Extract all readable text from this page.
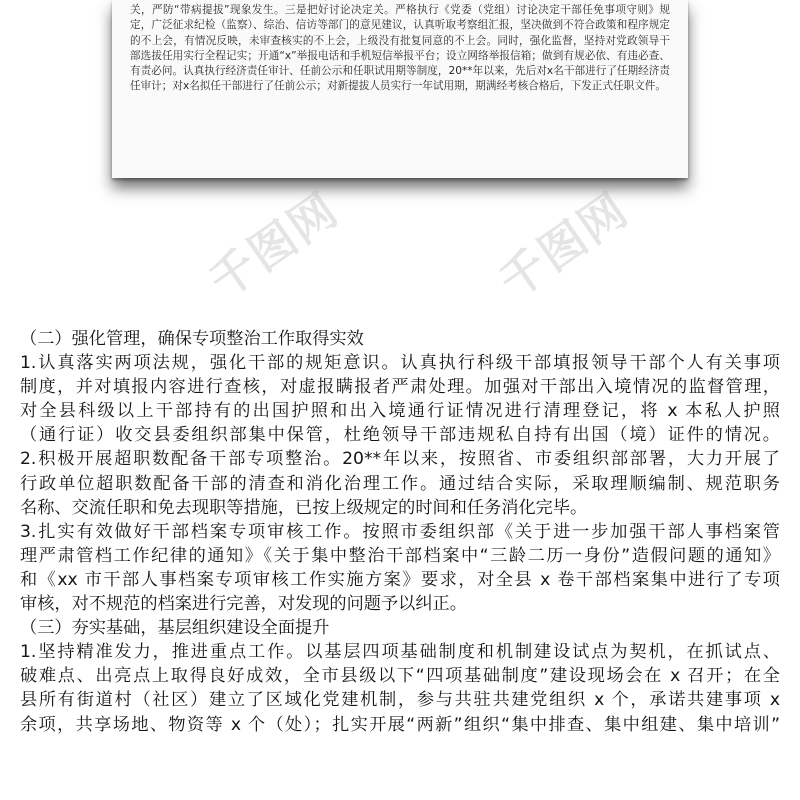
关，严防“带病提拔”现象发生。三是把好讨论决定关。严格执行《党委（党组）讨论决定干部任免事项守则》规定，广泛征求纪检（监察）、综治、信访等部门的意见建议，认真听取考察组汇报，坚决做到不符合政策和程序规定的不上会，有情况反映，未审查核实的不上会，上级没有批复同意的不上会。同时，强化监督，坚持对党政领导干部选拔任用实行全程记实；开通“x”举报电话和手机短信举报平台；设立网络举报信箱；做到有规必依、有违必查、有责必问。认真执行经济责任审计、任前公示和任职试用期等制度，20**年以来，先后对x名干部进行了任期经济责任审计；对x名拟任干部进行了任前公示；对新提拔人员实行一年试用期，期满经考核合格后，下发正式任职文件。
千图网	千图网
（二）强化管理，确保专项整治工作取得实效
1.认真落实两项法规，强化干部的规矩意识。认真执行科级干部填报领导干部个人有关事项
制度，并对填报内容进行查核，对虚报瞒报者严肃处理。加强对干部出入境情况的监督管理，
对全县科级以上干部持有的出国护照和出入境通行证情况进行清理登记，将 x 本私人护照
（通行证）收交县委组织部集中保管，杜绝领导干部违规私自持有出国（境）证件的情况。
2.积极开展超职数配备干部专项整治。20**年以来，按照省、市委组织部部署，大力开展了
行政单位超职数配备干部的清查和消化治理工作。通过结合实际，采取理顺编制、规范职务
名称、交流任职和免去现职等措施，已按上级规定的时间和任务消化完毕。
3.扎实有效做好干部档案专项审核工作。按照市委组织部《关于进一步加强干部人事档案管
理严肃管档工作纪律的通知》《关于集中整治干部档案中“三龄二历一身份”造假问题的通知》
和《xx 市干部人事档案专项审核工作实施方案》要求，对全县 x 卷干部档案集中进行了专项
审核，对不规范的档案进行完善，对发现的问题予以纠正。
（三）夯实基础，基层组织建设全面提升
1.坚持精准发力，推进重点工作。以基层四项基础制度和机制建设试点为契机，在抓试点、
破难点、出亮点上取得良好成效，全市县级以下“四项基础制度”建设现场会在 x 召开；在全
县所有街道村（社区）建立了区域化党建机制，参与共驻共建党组织 x 个，承诺共建事项 x
余项，共享场地、物资等 x 个（处）；扎实开展“两新”组织“集中排查、集中组建、集中培训”
